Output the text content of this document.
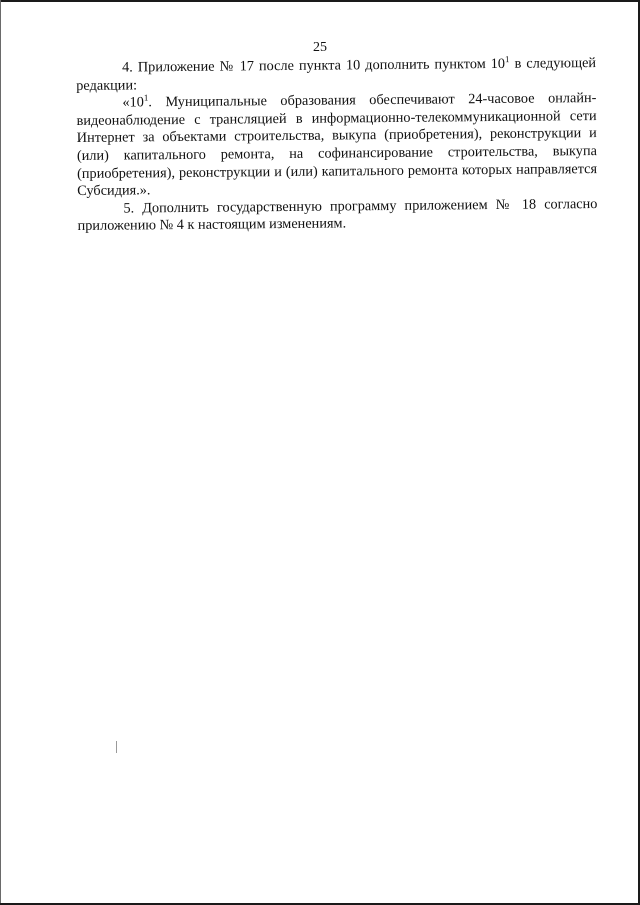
25

4. Приложение № 17 после пункта 10 дополнить пунктом $10^1$ в следующей редакции:

«$10^1$. Муниципальные образования обеспечивают 24-часовое онлайн-видеонаблюдение с трансляцией в информационно-телекоммуникационной сети Интернет за объектами строительства, выкупа (приобретения), реконструкции и (или) капитального ремонта, на софинансирование строительства, выкупа (приобретения), реконструкции и (или) капитального ремонта которых направляется Субсидия.».

5. Дополнить государственную программу приложением № 18 согласно приложению № 4 к настоящим изменениям.
